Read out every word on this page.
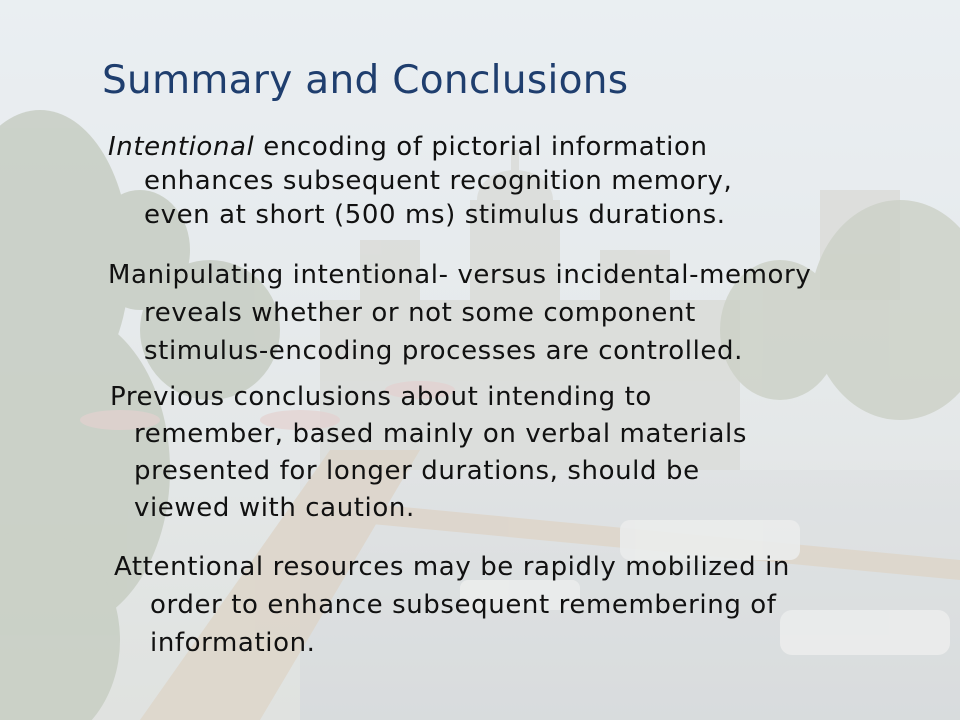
Summary and Conclusions
Intentional encoding of pictorial information
enhances subsequent recognition memory,
even at short (500 ms) stimulus durations.
Manipulating intentional- versus incidental-memory
reveals whether or not some component
stimulus-encoding processes are controlled.
Previous conclusions about intending to
remember, based mainly on verbal materials
presented for longer durations, should be
viewed with caution.
Attentional resources may be rapidly mobilized in
order to enhance subsequent remembering of
information.
